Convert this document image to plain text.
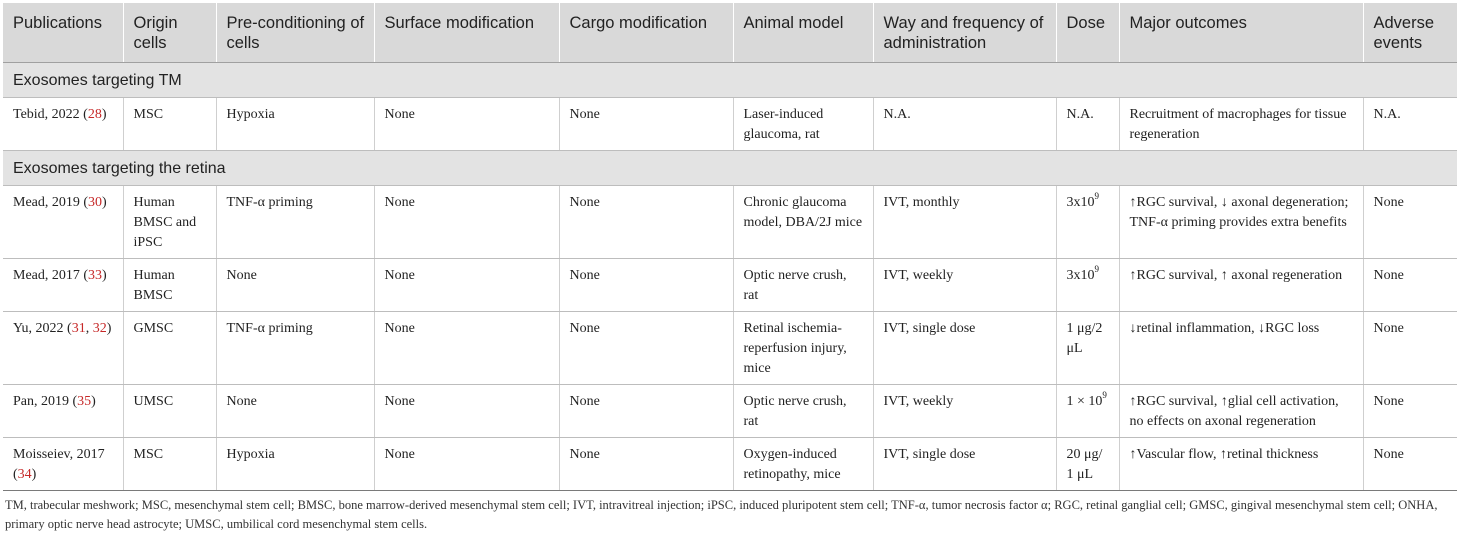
Publications	Origin cells	Pre-conditioning of cells	Surface modification	Cargo modification	Animal model	Way and frequency of administration	Dose	Major outcomes	Adverse events
Exosomes targeting TM									
Tebid, 2022 (28)	MSC	Hypoxia	None	None	Laser-induced glaucoma, rat	N.A.	N.A.	Recruitment of macrophages for tissue regeneration	N.A.
Exosomes targeting the retina									
Mead, 2019 (30)	Human BMSC and iPSC	TNF-α priming	None	None	Chronic glaucoma model, DBA/2J mice	IVT, monthly	$3x10^9$	↑RGC survival, ↓ axonal degeneration; TNF-α priming provides extra benefits	None
Mead, 2017 (33)	Human BMSC	None	None	None	Optic nerve crush, rat	IVT, weekly	$3x10^9$	↑RGC survival, ↑ axonal regeneration	None
Yu, 2022 (31, 32)	GMSC	TNF-α priming	None	None	Retinal ischemia-reperfusion injury, mice	IVT, single dose	1 μg/2 μL	↓retinal inflammation, ↓RGC loss	None
Pan, 2019 (35)	UMSC	None	None	None	Optic nerve crush, rat	IVT, weekly	$1 \times 10^9$	↑RGC survival, ↑glial cell activation, no effects on axonal regeneration	None
Moisseiev, 2017 (34)	MSC	Hypoxia	None	None	Oxygen-induced retinopathy, mice	IVT, single dose	20 μg/ 1 μL	↑Vascular flow, ↑retinal thickness	None
TM, trabecular meshwork; MSC, mesenchymal stem cell; BMSC, bone marrow-derived mesenchymal stem cell; IVT, intravitreal injection; iPSC, induced pluripotent stem cell; TNF-α, tumor necrosis factor α; RGC, retinal ganglial cell; GMSC, gingival mesenchymal stem cell; ONHA, primary optic nerve head astrocyte; UMSC, umbilical cord mesenchymal stem cells.
